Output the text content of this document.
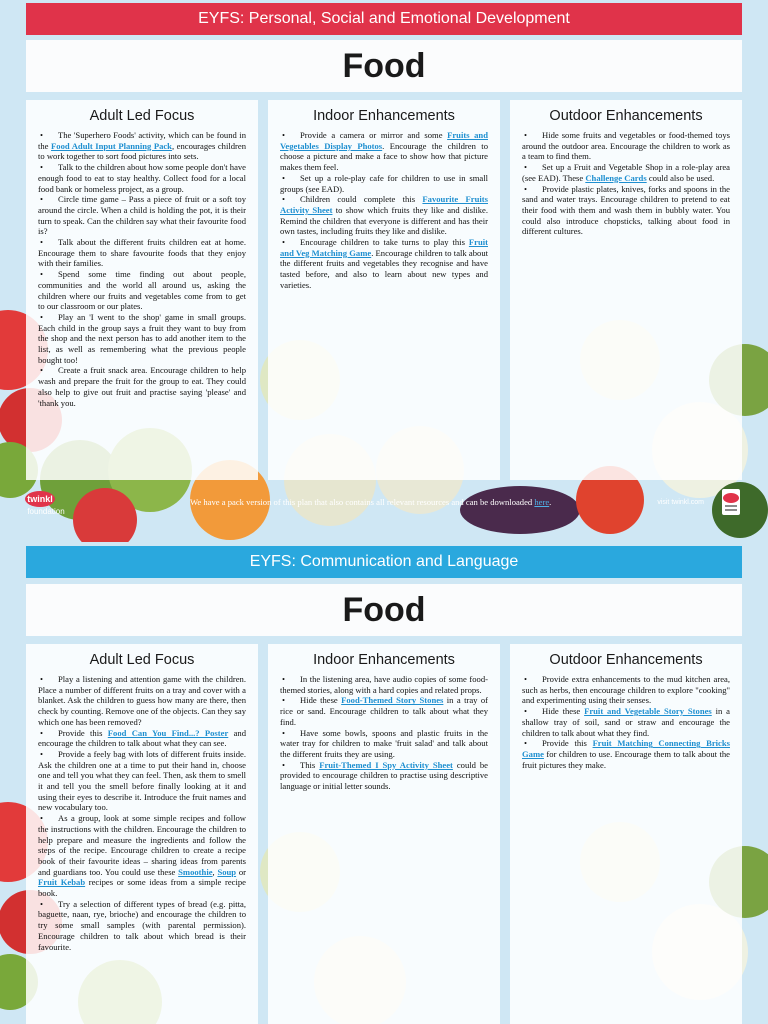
EYFS: Personal, Social and Emotional Development
Food
Adult Led Focus

• The 'Superhero Foods' activity, which can be found in the Food Adult Input Planning Pack, encourages children to work together to sort food pictures into sets.

• Talk to the children about how some people don't have enough food to eat to stay healthy. Collect food for a local food bank or homeless project, as a group.

• Circle time game – Pass a piece of fruit or a soft toy around the circle. When a child is holding the pot, it is their turn to speak. Can the children say what their favourite food is?

• Talk about the different fruits children eat at home. Encourage them to share favourite foods that they enjoy with their families.

• Spend some time finding out about people, communities and the world all around us, asking the children where our fruits and vegetables come from to get to our classroom or our plates.

• Play an 'I went to the shop' game in small groups. Each child in the group says a fruit they want to buy from the shop and the next person has to add another item to the list, as well as remembering what the previous people bought too!

• Create a fruit snack area. Encourage children to help wash and prepare the fruit for the group to eat. They could also help to give out fruit and practise saying 'please' and 'thank you.

Indoor Enhancements

• Provide a camera or mirror and some Fruits and Vegetables Display Photos. Encourage the children to choose a picture and make a face to show how that picture makes them feel.

• Set up a role-play cafe for children to use in small groups (see EAD).

• Children could complete this Favourite Fruits Activity Sheet to show which fruits they like and dislike. Remind the children that everyone is different and has their own tastes, including fruits they like and dislike.

• Encourage children to take turns to play this Fruit and Veg Matching Game. Encourage children to talk about the different fruits and vegetables they recognise and have tasted before, and also to learn about new types and varieties.

Outdoor Enhancements

• Hide some fruits and vegetables or food-themed toys around the outdoor area. Encourage the children to work as a team to find them.

• Set up a Fruit and Vegetable Shop in a role-play area (see EAD). These Challenge Cards could also be used.

• Provide plastic plates, knives, forks and spoons in the sand and water trays. Encourage children to pretend to eat their food with them and wash them in bubbly water. You could also introduce chopsticks, talking about food in different cultures.

twinkl
foundation
We have a pack version of this plan that also contains all relevant resources and can be downloaded here.	visit twinkl.com
EYFS: Communication and Language
Food
Adult Led Focus

• Play a listening and attention game with the children. Place a number of different fruits on a tray and cover with a blanket. Ask the children to guess how many are there, then check by counting. Remove one of the objects. Can they say which one has been removed?

• Provide this Food Can You Find...? Poster and encourage the children to talk about what they can see.

• Provide a feely bag with lots of different fruits inside. Ask the children one at a time to put their hand in, choose one and tell you what they can feel. Then, ask them to smell it and tell you the smell before finally looking at it and using their eyes to describe it. Introduce the fruit names and new vocabulary too.

• As a group, look at some simple recipes and follow the instructions with the children. Encourage the children to help prepare and measure the ingredients and follow the steps of the recipe. Encourage children to create a recipe book of their favourite ideas – sharing ideas from parents and guardians too. You could use these Smoothie, Soup or Fruit Kebab recipes or some ideas from a simple recipe book.

• Try a selection of different types of bread (e.g. pitta, baguette, naan, rye, brioche) and encourage the children to try some small samples (with parental permission). Encourage children to talk about which bread is their favourite.

Indoor Enhancements

• In the listening area, have audio copies of some food-themed stories, along with a hard copies and related props.

• Hide these Food-Themed Story Stones in a tray of rice or sand. Encourage children to talk about what they find.

• Have some bowls, spoons and plastic fruits in the water tray for children to make 'fruit salad' and talk about the different fruits they are using.

• This Fruit-Themed I Spy Activity Sheet could be provided to encourage children to practise using descriptive language or initial letter sounds.

Outdoor Enhancements

• Provide extra enhancements to the mud kitchen area, such as herbs, then encourage children to explore "cooking" and experimenting using their senses.

• Hide these Fruit and Vegetable Story Stones in a shallow tray of soil, sand or straw and encourage the children to talk about what they find.

• Provide this Fruit Matching Connecting Bricks Game for children to use. Encourage them to talk about the fruit pictures they make.
